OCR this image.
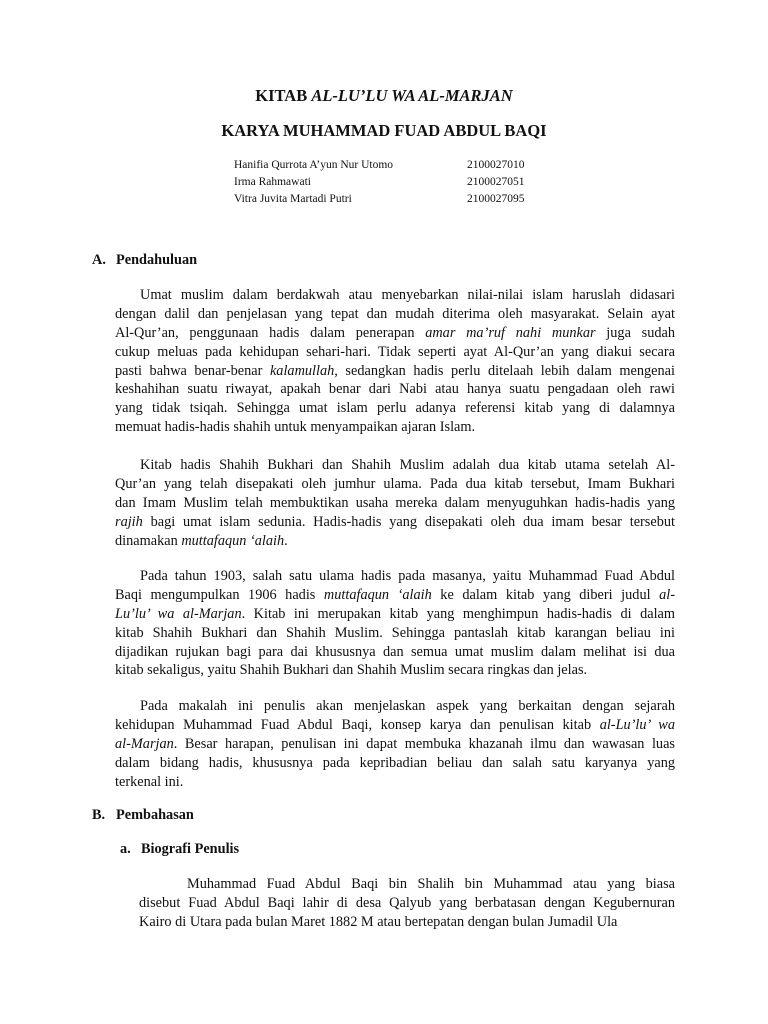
KITAB AL-LU’LU WA AL-MARJAN
KARYA MUHAMMAD FUAD ABDUL BAQI
Hanifia Qurrota A’yun Nur Utomo	2100027010
Irma Rahmawati	2100027051
Vitra Juvita Martadi Putri	2100027095
A. Pendahuluan

Umat muslim dalam berdakwah atau menyebarkan nilai-nilai islam haruslah didasari
dengan dalil dan penjelasan yang tepat dan mudah diterima oleh masyarakat. Selain ayat
Al-Qur’an, penggunaan hadis dalam penerapan amar ma’ruf nahi munkar juga sudah
cukup meluas pada kehidupan sehari-hari. Tidak seperti ayat Al-Qur’an yang diakui secara
pasti bahwa benar-benar kalamullah, sedangkan hadis perlu ditelaah lebih dalam mengenai
keshahihan suatu riwayat, apakah benar dari Nabi atau hanya suatu pengadaan oleh rawi
yang tidak tsiqah. Sehingga umat islam perlu adanya referensi kitab yang di dalamnya
memuat hadis-hadis shahih untuk menyampaikan ajaran Islam.

Kitab hadis Shahih Bukhari dan Shahih Muslim adalah dua kitab utama setelah Al-
Qur’an yang telah disepakati oleh jumhur ulama. Pada dua kitab tersebut, Imam Bukhari
dan Imam Muslim telah membuktikan usaha mereka dalam menyuguhkan hadis-hadis yang
rajih bagi umat islam sedunia. Hadis-hadis yang disepakati oleh dua imam besar tersebut
dinamakan muttafaqun ‘alaih.

Pada tahun 1903, salah satu ulama hadis pada masanya, yaitu Muhammad Fuad Abdul
Baqi mengumpulkan 1906 hadis muttafaqun ‘alaih ke dalam kitab yang diberi judul al-
Lu’lu’ wa al-Marjan. Kitab ini merupakan kitab yang menghimpun hadis-hadis di dalam
kitab Shahih Bukhari dan Shahih Muslim. Sehingga pantaslah kitab karangan beliau ini
dijadikan rujukan bagi para dai khususnya dan semua umat muslim dalam melihat isi dua
kitab sekaligus, yaitu Shahih Bukhari dan Shahih Muslim secara ringkas dan jelas.

Pada makalah ini penulis akan menjelaskan aspek yang berkaitan dengan sejarah
kehidupan Muhammad Fuad Abdul Baqi, konsep karya dan penulisan kitab al-Lu’lu’ wa
al-Marjan. Besar harapan, penulisan ini dapat membuka khazanah ilmu dan wawasan luas
dalam bidang hadis, khususnya pada kepribadian beliau dan salah satu karyanya yang
terkenal ini.

B. Pembahasan
a. Biografi Penulis

Muhammad Fuad Abdul Baqi bin Shalih bin Muhammad atau yang biasa
disebut Fuad Abdul Baqi lahir di desa Qalyub yang berbatasan dengan Kegubernuran
Kairo di Utara pada bulan Maret 1882 M atau bertepatan dengan bulan Jumadil Ula
